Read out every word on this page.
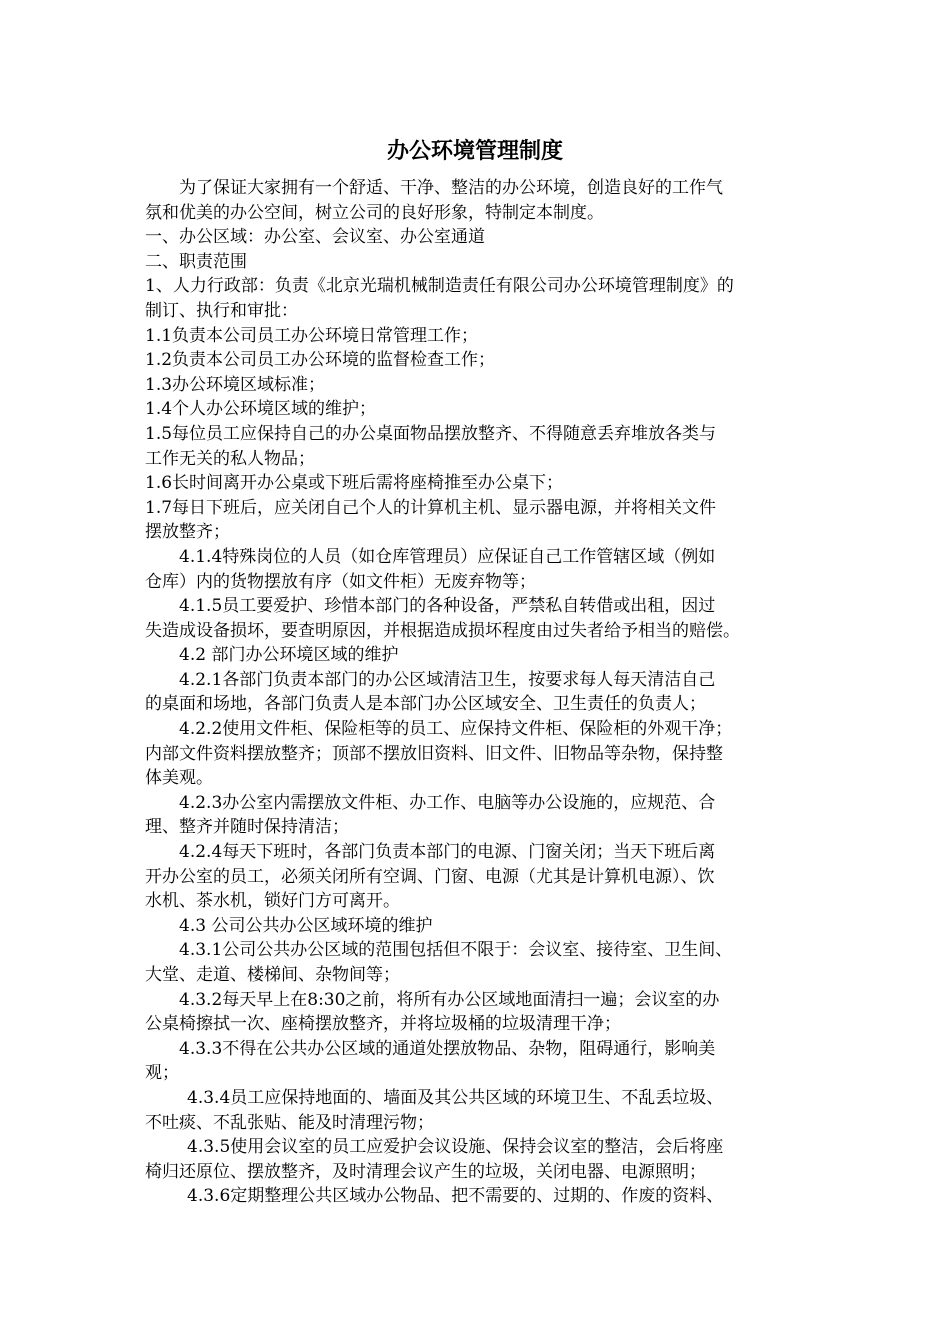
办公环境管理制度
为了保证大家拥有一个舒适、干净、整洁的办公环境，创造良好的工作气
氛和优美的办公空间，树立公司的良好形象，特制定本制度。
一、办公区域：办公室、会议室、办公室通道
二、职责范围
1、人力行政部：负责《北京光瑞机械制造责任有限公司办公环境管理制度》的
制订、执行和审批：
1.1负责本公司员工办公环境日常管理工作；
1.2负责本公司员工办公环境的监督检查工作；
1.3办公环境区域标准；
1.4个人办公环境区域的维护；
1.5每位员工应保持自己的办公桌面物品摆放整齐、不得随意丢弃堆放各类与
工作无关的私人物品；
1.6长时间离开办公桌或下班后需将座椅推至办公桌下；
1.7每日下班后，应关闭自己个人的计算机主机、显示器电源，并将相关文件
摆放整齐；
4.1.4特殊岗位的人员（如仓库管理员）应保证自己工作管辖区域（例如
仓库）内的货物摆放有序（如文件柜）无废弃物等；
4.1.5员工要爱护、珍惜本部门的各种设备，严禁私自转借或出租，因过
失造成设备损坏，要查明原因，并根据造成损坏程度由过失者给予相当的赔偿。
4.2 部门办公环境区域的维护
4.2.1各部门负责本部门的办公区域清洁卫生，按要求每人每天清洁自己
的桌面和场地，各部门负责人是本部门办公区域安全、卫生责任的负责人；
4.2.2使用文件柜、保险柜等的员工、应保持文件柜、保险柜的外观干净；
内部文件资料摆放整齐；顶部不摆放旧资料、旧文件、旧物品等杂物，保持整
体美观。
4.2.3办公室内需摆放文件柜、办工作、电脑等办公设施的，应规范、合
理、整齐并随时保持清洁；
4.2.4每天下班时，各部门负责本部门的电源、门窗关闭；当天下班后离
开办公室的员工，必须关闭所有空调、门窗、电源（尤其是计算机电源）、饮
水机、茶水机，锁好门方可离开。
4.3 公司公共办公区域环境的维护
4.3.1公司公共办公区域的范围包括但不限于：会议室、接待室、卫生间、
大堂、走道、楼梯间、杂物间等；
4.3.2每天早上在8:30之前，将所有办公区域地面清扫一遍；会议室的办
公桌椅擦拭一次、座椅摆放整齐，并将垃圾桶的垃圾清理干净；
4.3.3不得在公共办公区域的通道处摆放物品、杂物，阻碍通行，影响美
观；
4.3.4员工应保持地面的、墙面及其公共区域的环境卫生、不乱丢垃圾、
不吐痰、不乱张贴、能及时清理污物；
4.3.5使用会议室的员工应爱护会议设施、保持会议室的整洁，会后将座
椅归还原位、摆放整齐，及时清理会议产生的垃圾，关闭电器、电源照明；
4.3.6定期整理公共区域办公物品、把不需要的、过期的、作废的资料、
